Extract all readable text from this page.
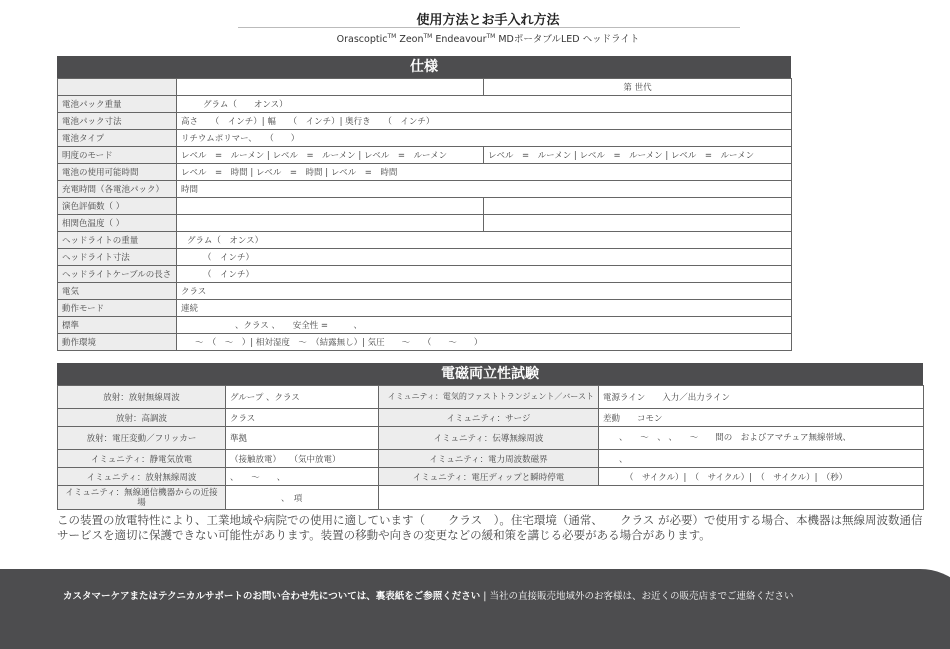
使用方法とお手入れ方法
Orascoptic™ Zeon™ Endeavour™ MDポータブルLED ヘッドライト
仕様
		第 世代
電池パック重量	グラム（　　オンス）	
電池パック寸法	高さ　　（　インチ）| 幅　　（　インチ）| 奥行き　　（　インチ）	
電池タイプ	リチウムポリマー、　　（　　）	
明度のモード	レベル　=　ルーメン | レベル　=　ルーメン | レベル　=　ルーメン	レベル　=　ルーメン | レベル　=　ルーメン | レベル　=　ルーメン
電池の使用可能時間	レベル　=　時間 | レベル　=　時間 | レベル　=　時間	
充電時間（各電池パック）	時間	
演色評価数（ ）		
相関色温度（ ）		
ヘッドライトの重量	グラム（　オンス）	
ヘッドライト寸法	（　インチ）	
ヘッドライトケーブルの長さ	（　インチ）	
電気	クラス	
動作モード	連続	
標準	、クラス 、　　安全性 =　　　、	
動作環境	～　（　～　）| 相対湿度　～　（結露無し）| 気圧　　～　　（　　～　　）	
電磁両立性試験
放射：放射無線周波	グループ 、クラス	イミュニティ：電気的ファストトランジェント／バースト	電源ライン　　入力／出力ライン
放射：高調波	クラス	イミュニティ：サージ	差動　　コモン
放射：電圧変動／フリッカー	準拠	イミュニティ：伝導無線周波	、　　～　、 、　　～　　間の　およびアマチュア無線帯域、
イミュニティ：静電気放電	（接触放電）　　（気中放電）	イミュニティ：電力周波数磁界	、
イミュニティ：放射無線周波	、　　～　　、	イミュニティ：電圧ディップと瞬時停電	（　サイクル）|　（　サイクル）|　（　サイクル）|　（秒）
イミュニティ：無線通信機器からの近接場	、　項		
この装置の放電特性により、工業地域や病院での使用に適しています（　　クラス　）。住宅環境（通常、　　クラス が必要）で使用する場合、本機器は無線周波数通信サービスを適切に保護できない可能性があります。装置の移動や向きの変更などの緩和策を講じる必要がある場合があります。
カスタマーケアまたはテクニカルサポートのお問い合わせ先については、裏表紙をご参照ください | 当社の直接販売地域外のお客様は、お近くの販売店までご連絡ください
